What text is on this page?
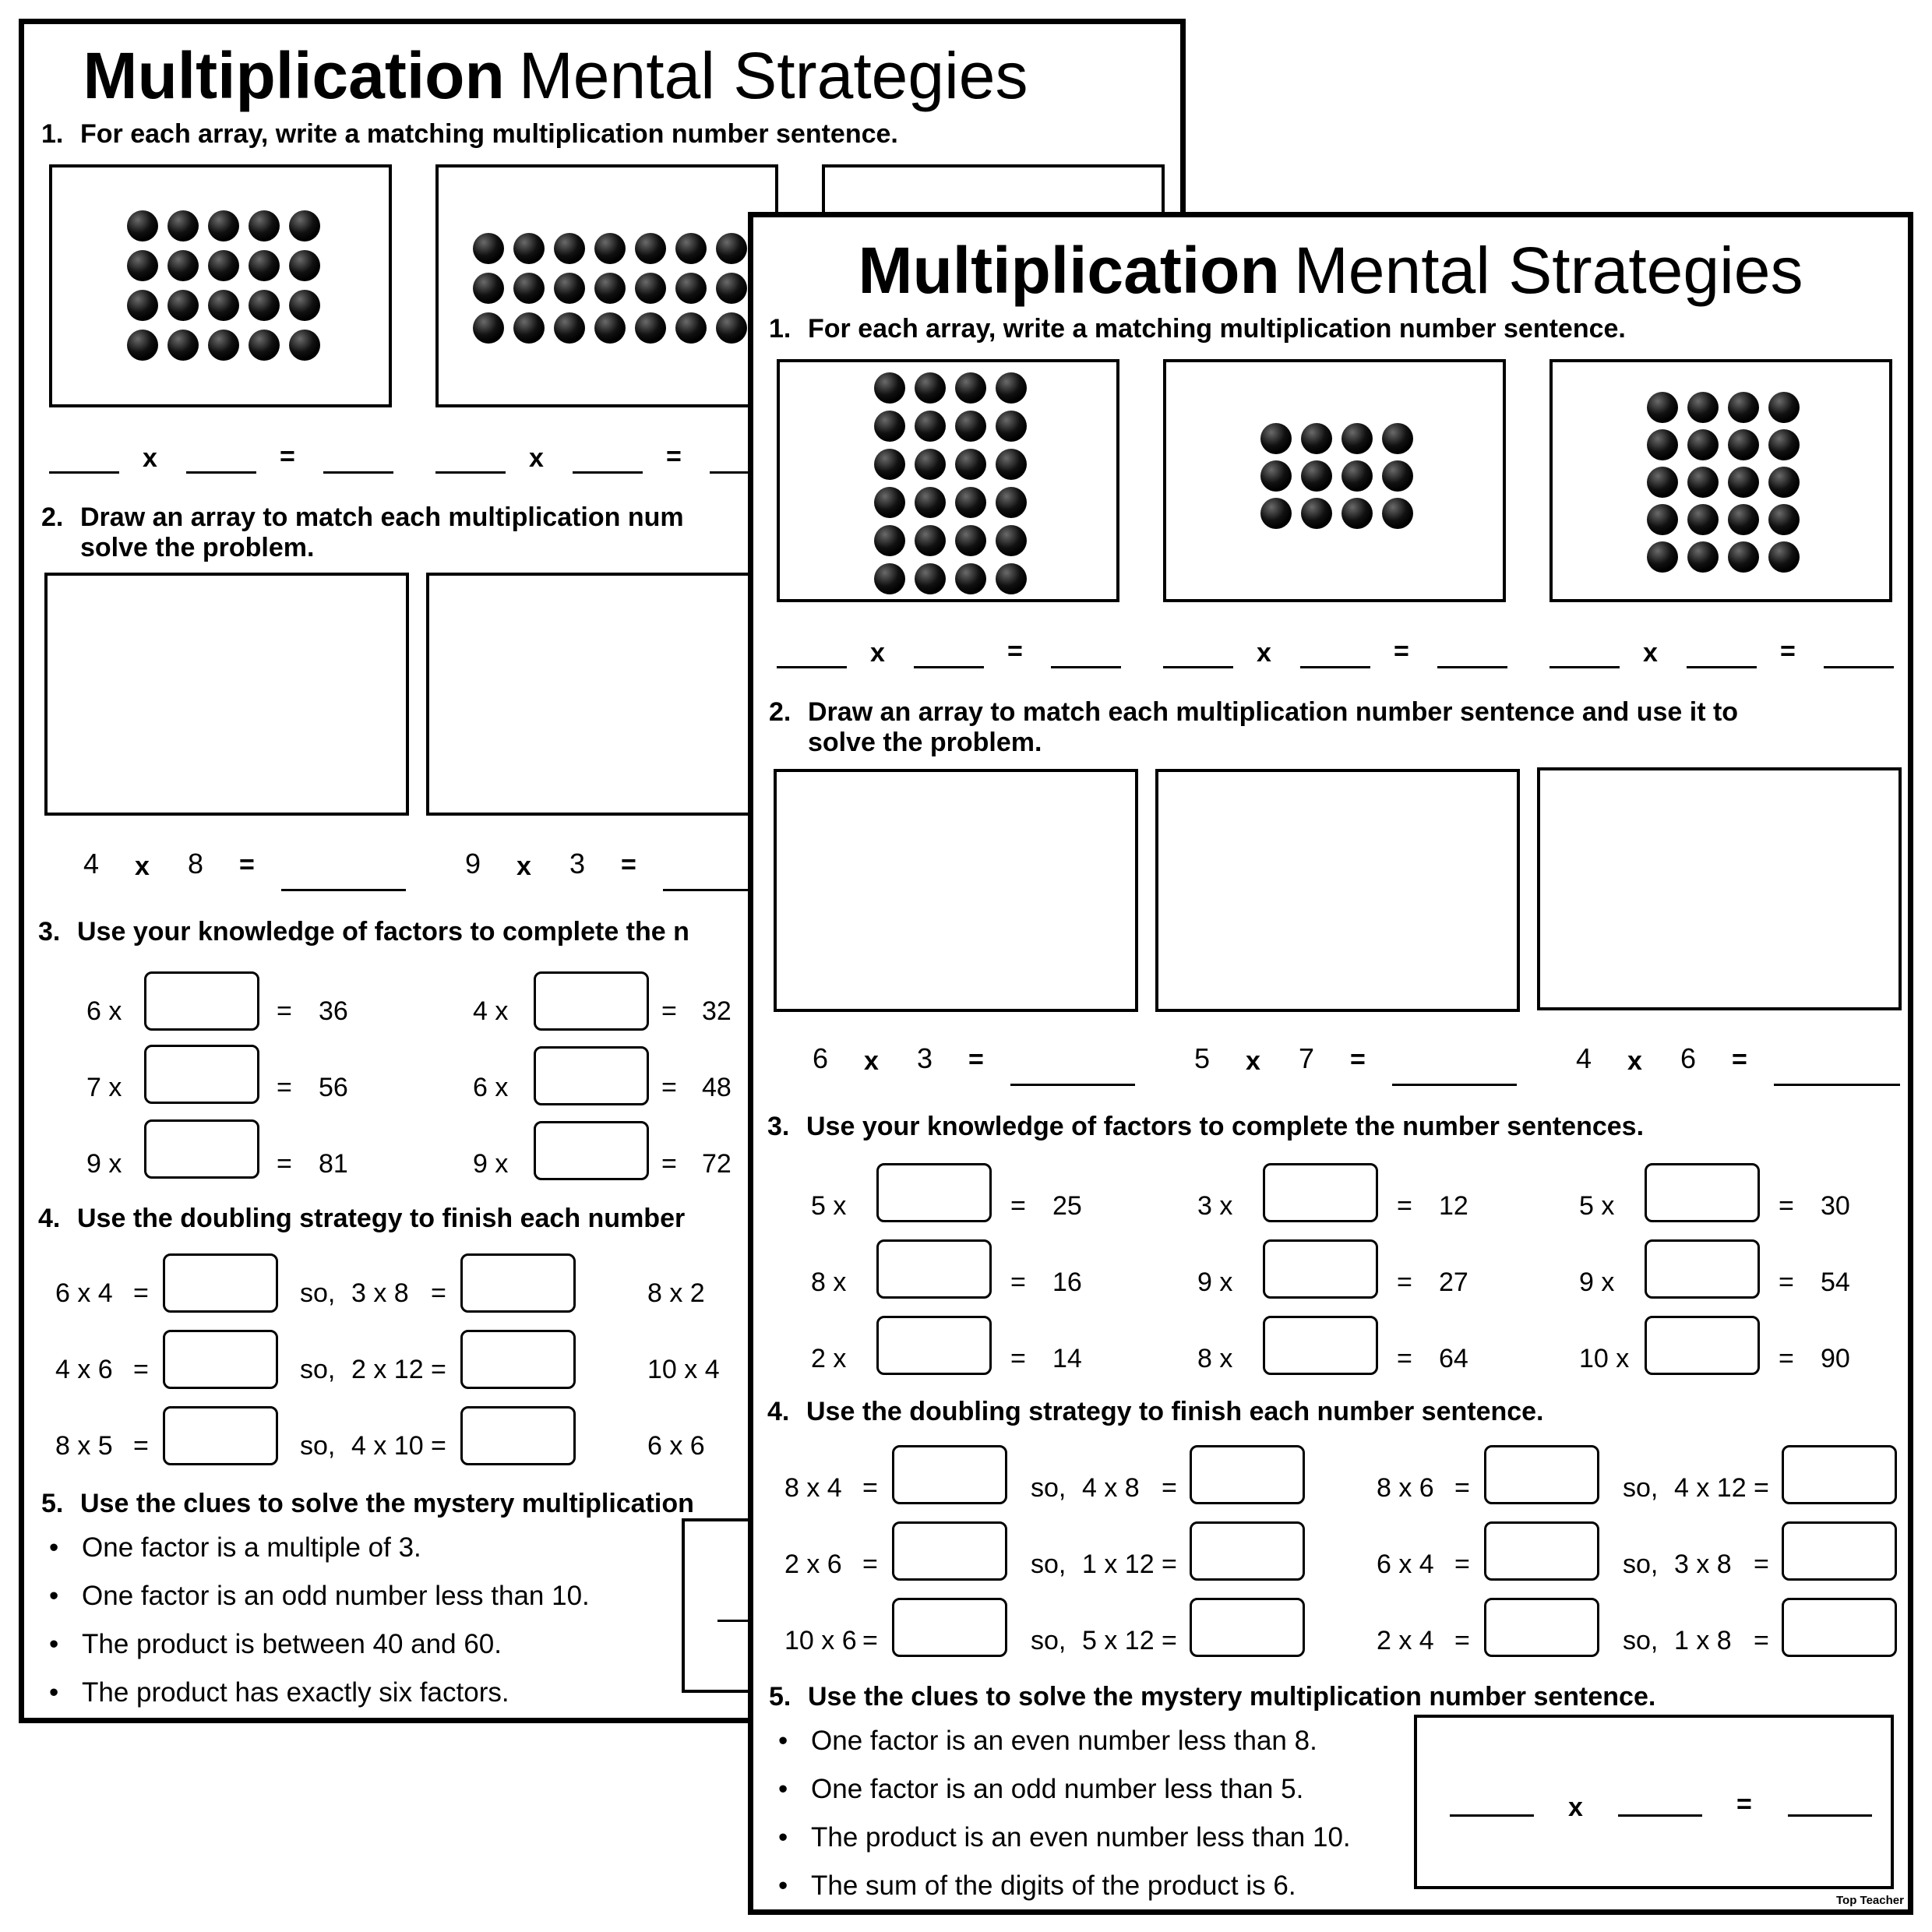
Multiplication Mental Strategies
1. For each array, write a matching multiplication number sentence.
x	=	x	=
2. Draw an array to match each multiplication num
solve the problem.
4 x 8 =	9 x 3 =
3. Use your knowledge of factors to complete the n
6 x	= 36	4 x	= 32
7 x	= 56	6 x	= 48
9 x	= 81	9 x	= 72
4. Use the doubling strategy to finish each number
6 x 4 =	so, 3 x 8 =	8 x 2
4 x 6 =	so, 2 x 12 =	10 x 4
8 x 5 =	so, 4 x 10 =	6 x 6
5. Use the clues to solve the mystery multiplication
• One factor is a multiple of 3.
• One factor is an odd number less than 10.
• The product is between 40 and 60.
• The product has exactly six factors.
Multiplication Mental Strategies
1. For each array, write a matching multiplication number sentence.
x	=	x	=	x	=
2. Draw an array to match each multiplication number sentence and use it to
solve the problem.
6 x 3 =	5 x 7 =	4 x 6 =
3. Use your knowledge of factors to complete the number sentences.
5 x	= 25	3 x	= 12	5 x	= 30
8 x	= 16	9 x	= 27	9 x	= 54
2 x	= 14	8 x	= 64	10 x	= 90
4. Use the doubling strategy to finish each number sentence.
8 x 4 =	so, 4 x 8 =	8 x 6 =	so, 4 x 12 =
2 x 6 =	so, 1 x 12 =	6 x 4 =	so, 3 x 8 =
10 x 6 =	so, 5 x 12 =	2 x 4 =	so, 1 x 8 =
5. Use the clues to solve the mystery multiplication number sentence.
• One factor is an even number less than 8.
• One factor is an odd number less than 5.
• The product is an even number less than 10.
• The sum of the digits of the product is 6.
x	=
Top Teacher
